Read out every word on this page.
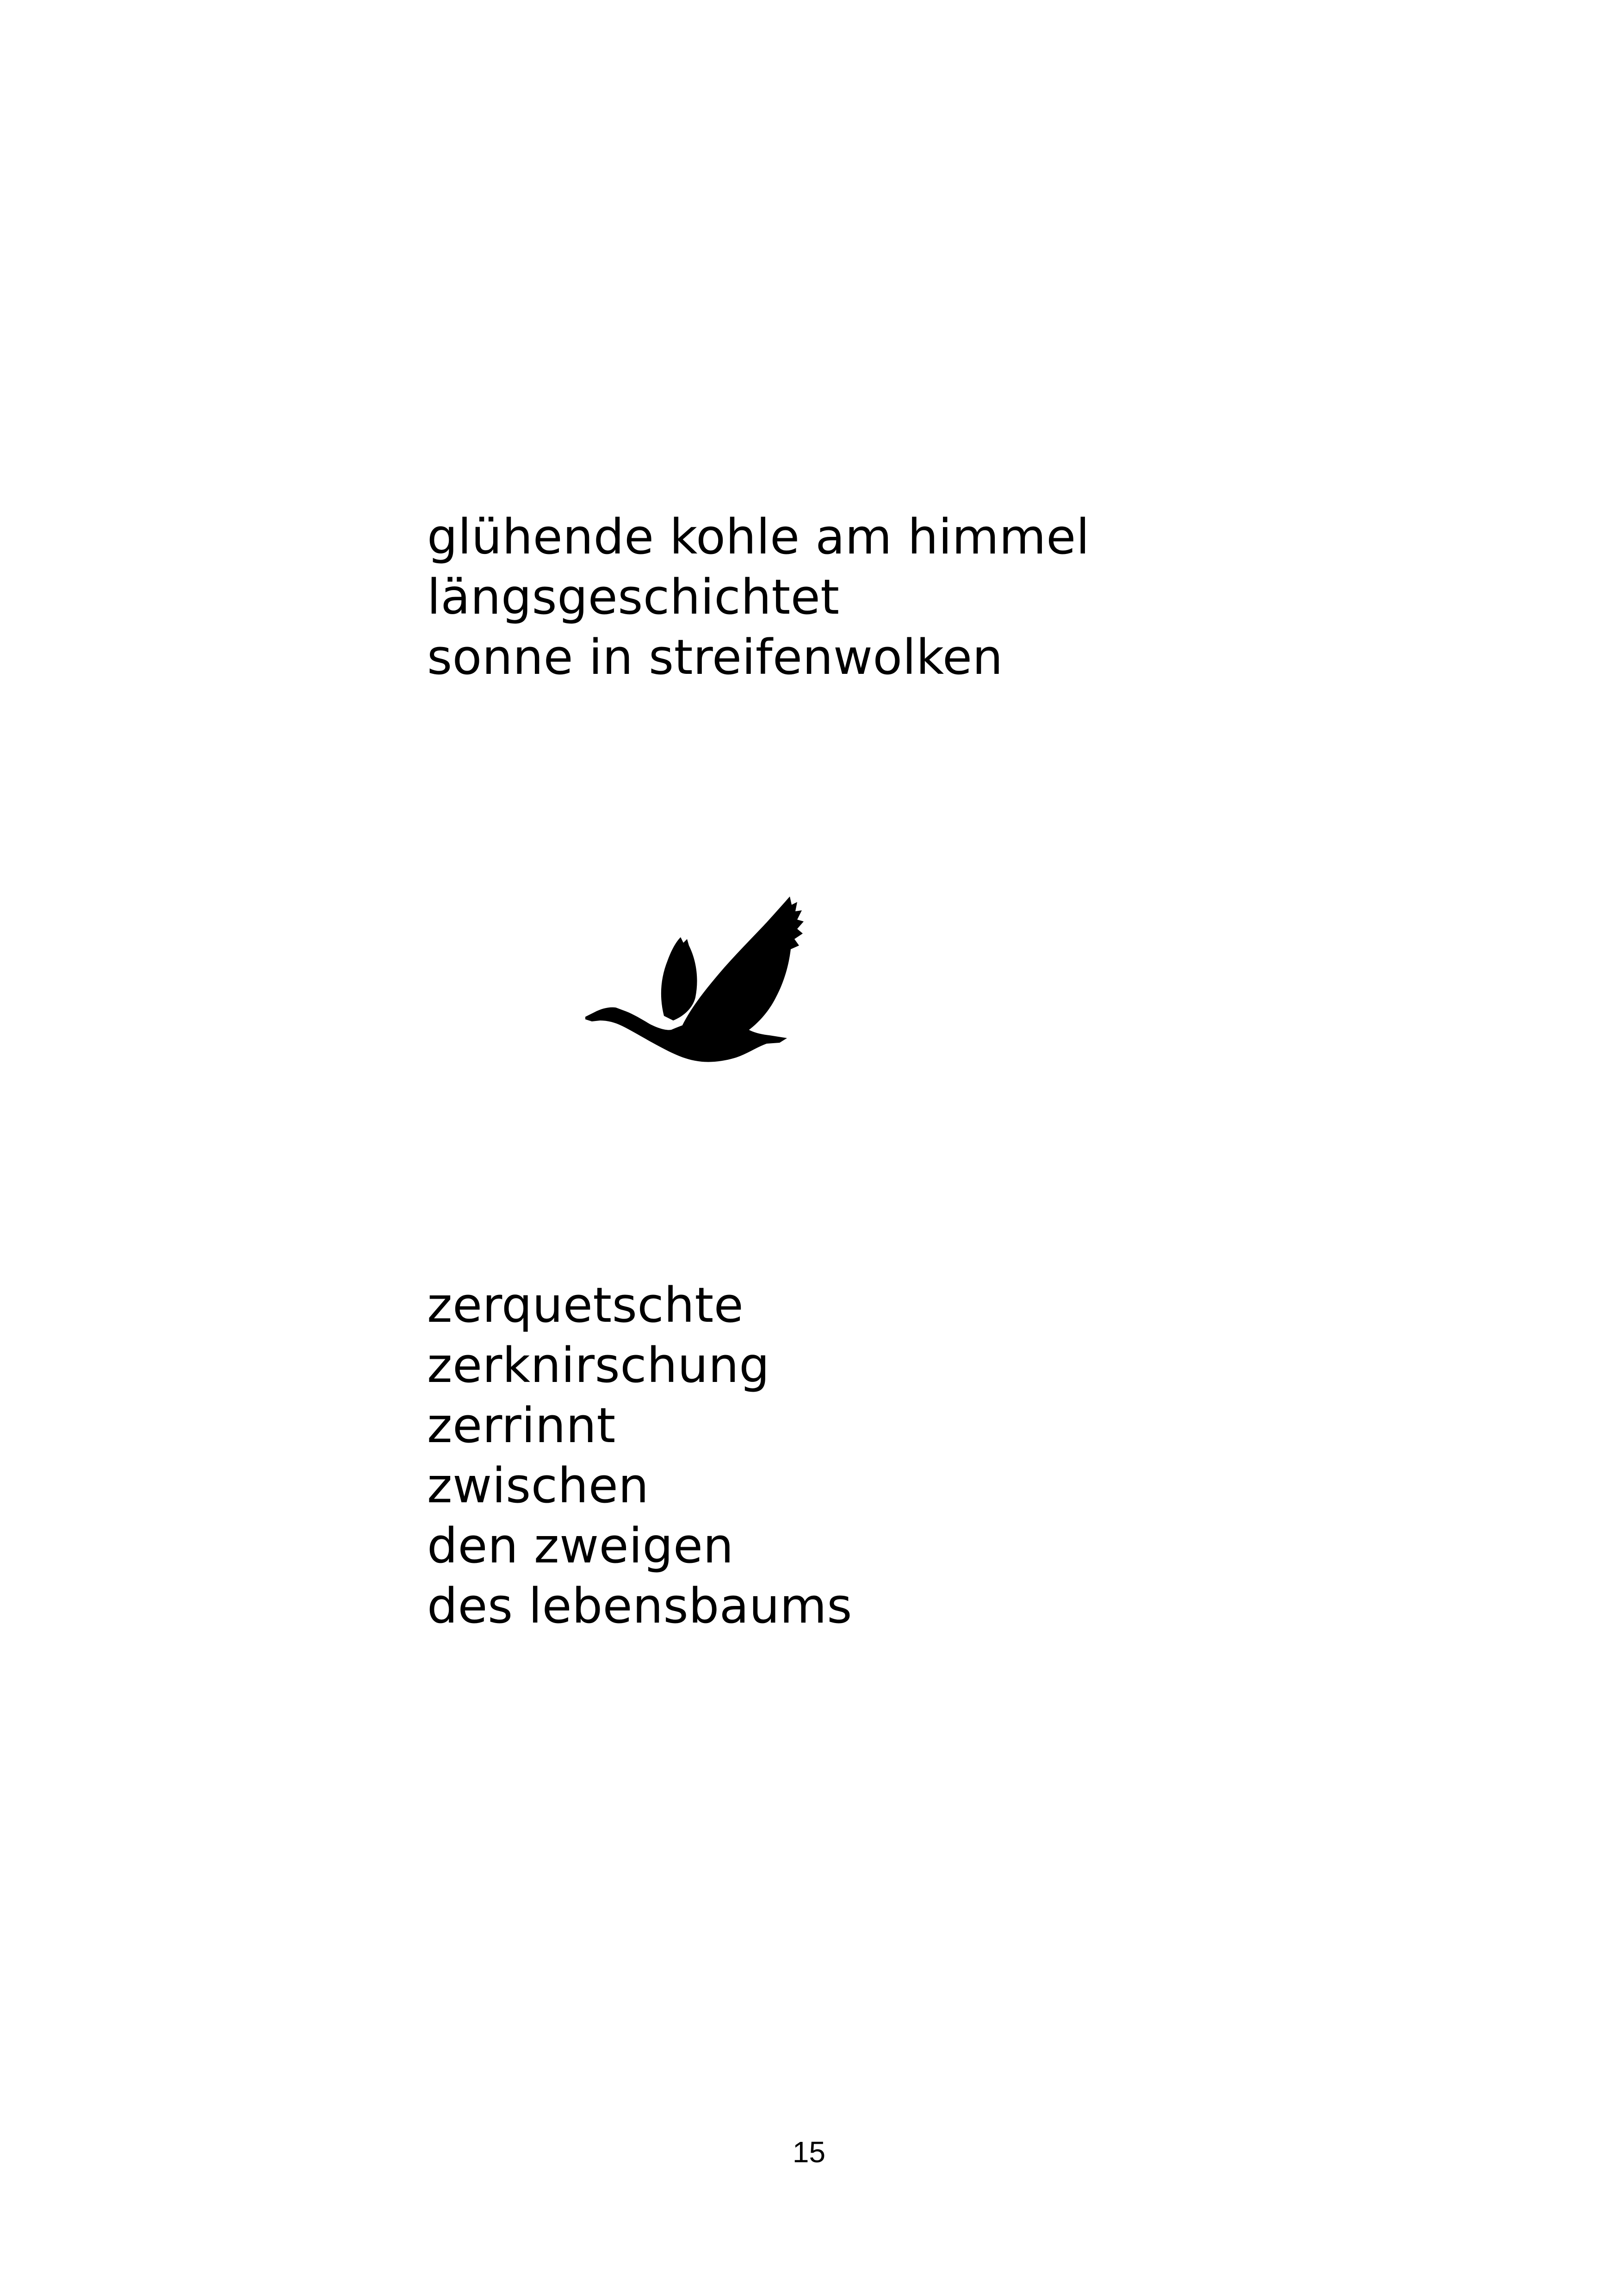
glühende kohle am himmel
längsgeschichtet
sonne in streifenwolken
zerquetschte
zerknirschung
zerrinnt
zwischen
den zweigen
des lebensbaums
15
